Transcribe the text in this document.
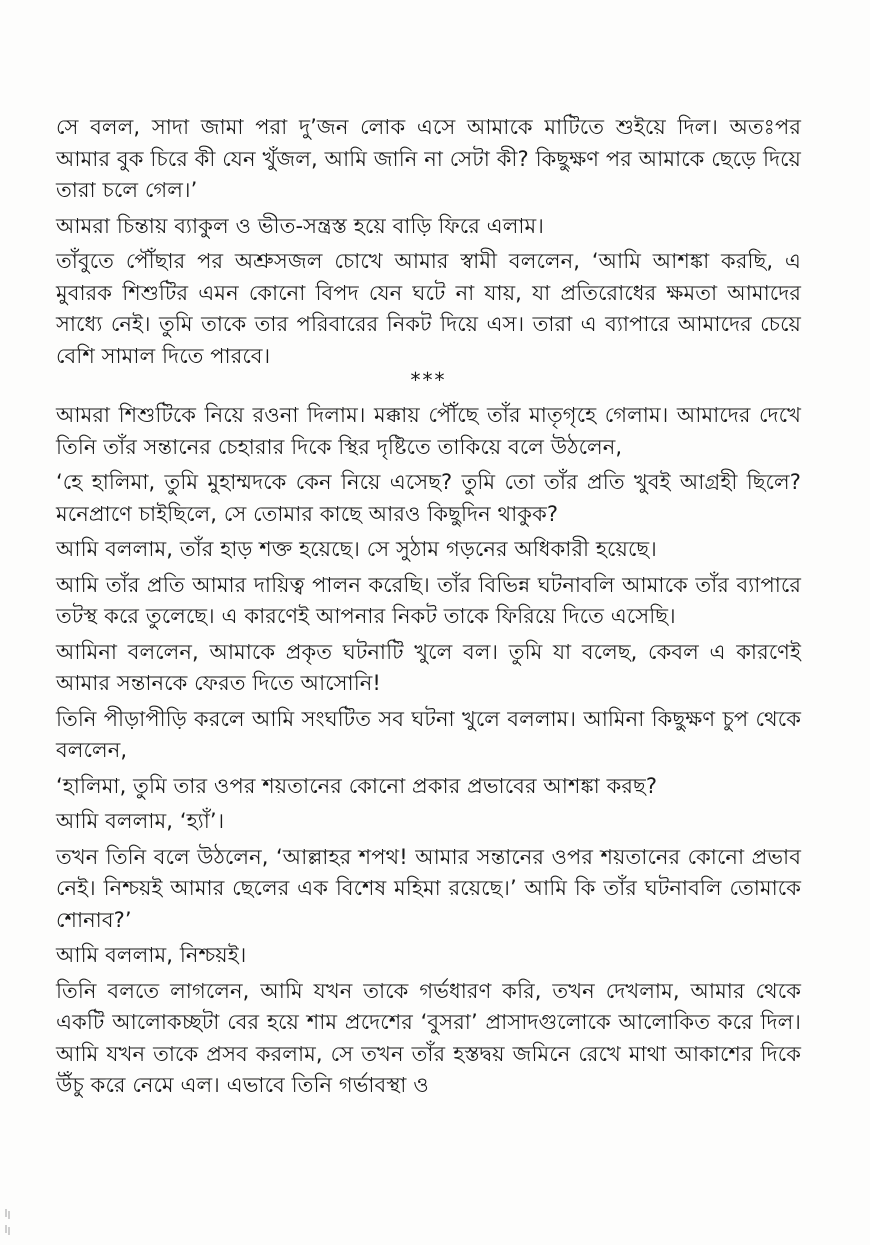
সে বলল, সাদা জামা পরা দু’জন লোক এসে আমাকে মাটিতে শুইয়ে দিল। অতঃপর আমার বুক চিরে কী যেন খুঁজল, আমি জানি না সেটা কী? কিছুক্ষণ পর আমাকে ছেড়ে দিয়ে তারা চলে গেল।’

আমরা চিন্তায় ব্যাকুল ও ভীত-সন্ত্রস্ত হয়ে বাড়ি ফিরে এলাম।

তাঁবুতে পৌঁছার পর অশ্রুসজল চোখে আমার স্বামী বললেন, ‘আমি আশঙ্কা করছি, এ মুবারক শিশুটির এমন কোনো বিপদ যেন ঘটে না যায়, যা প্রতিরোধের ক্ষমতা আমাদের সাধ্যে নেই। তুমি তাকে তার পরিবারের নিকট দিয়ে এস। তারা এ ব্যাপারে আমাদের চেয়ে বেশি সামাল দিতে পারবে।

***

আমরা শিশুটিকে নিয়ে রওনা দিলাম। মক্কায় পৌঁছে তাঁর মাতৃগৃহে গেলাম। আমাদের দেখে তিনি তাঁর সন্তানের চেহারার দিকে স্থির দৃষ্টিতে তাকিয়ে বলে উঠলেন,

‘হে হালিমা, তুমি মুহাম্মদকে কেন নিয়ে এসেছ? তুমি তো তাঁর প্রতি খুবই আগ্রহী ছিলে? মনেপ্রাণে চাইছিলে, সে তোমার কাছে আরও কিছুদিন থাকুক?

আমি বললাম, তাঁর হাড় শক্ত হয়েছে। সে সুঠাম গড়নের অধিকারী হয়েছে।

আমি তাঁর প্রতি আমার দায়িত্ব পালন করেছি। তাঁর বিভিন্ন ঘটনাবলি আমাকে তাঁর ব্যাপারে তটস্থ করে তুলেছে। এ কারণেই আপনার নিকট তাকে ফিরিয়ে দিতে এসেছি।

আমিনা বললেন, আমাকে প্রকৃত ঘটনাটি খুলে বল। তুমি যা বলেছ, কেবল এ কারণেই আমার সন্তানকে ফেরত দিতে আসোনি!

তিনি পীড়াপীড়ি করলে আমি সংঘটিত সব ঘটনা খুলে বললাম। আমিনা কিছুক্ষণ চুপ থেকে বললেন,

‘হালিমা, তুমি তার ওপর শয়তানের কোনো প্রকার প্রভাবের আশঙ্কা করছ?

আমি বললাম, ‘হ্যাঁ’।

তখন তিনি বলে উঠলেন, ‘আল্লাহর শপথ! আমার সন্তানের ওপর শয়তানের কোনো প্রভাব নেই। নিশ্চয়ই আমার ছেলের এক বিশেষ মহিমা রয়েছে।’ আমি কি তাঁর ঘটনাবলি তোমাকে শোনাব?’

আমি বললাম, নিশ্চয়ই।

তিনি বলতে লাগলেন, আমি যখন তাকে গর্ভধারণ করি, তখন দেখলাম, আমার থেকে একটি আলোকচ্ছটা বের হয়ে শাম প্রদেশের ‘বুসরা’ প্রাসাদগুলোকে আলোকিত করে দিল। আমি যখন তাকে প্রসব করলাম, সে তখন তাঁর হস্তদ্বয় জমিনে রেখে মাথা আকাশের দিকে উঁচু করে নেমে এল। এভাবে তিনি গর্ভাবস্থা ও
